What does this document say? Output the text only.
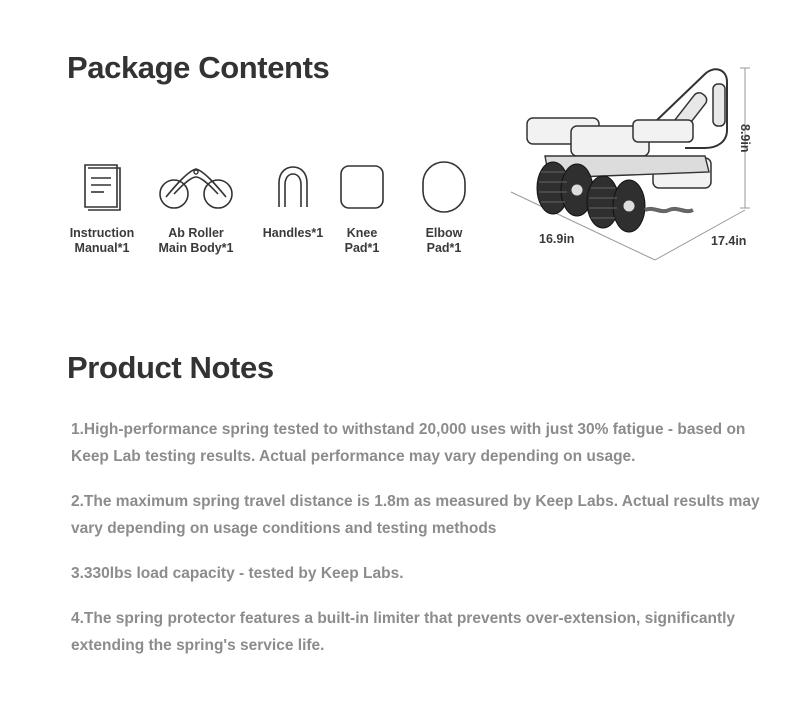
Package Contents
Instruction
Manual*1
Ab Roller
Main Body*1
Handles*1	Knee
Pad*1
Elbow
Pad*1
8.9in
16.9in	17.4in
Product Notes

1.High-performance spring tested to withstand 20,000 uses with just 30% fatigue - based on Keep Lab testing results. Actual performance may vary depending on usage.

2.The maximum spring travel distance is 1.8m as measured by Keep Labs. Actual results may vary depending on usage conditions and testing methods

3.330lbs load capacity - tested by Keep Labs.

4.The spring protector features a built-in limiter that prevents over-extension, significantly extending the spring's service life.
